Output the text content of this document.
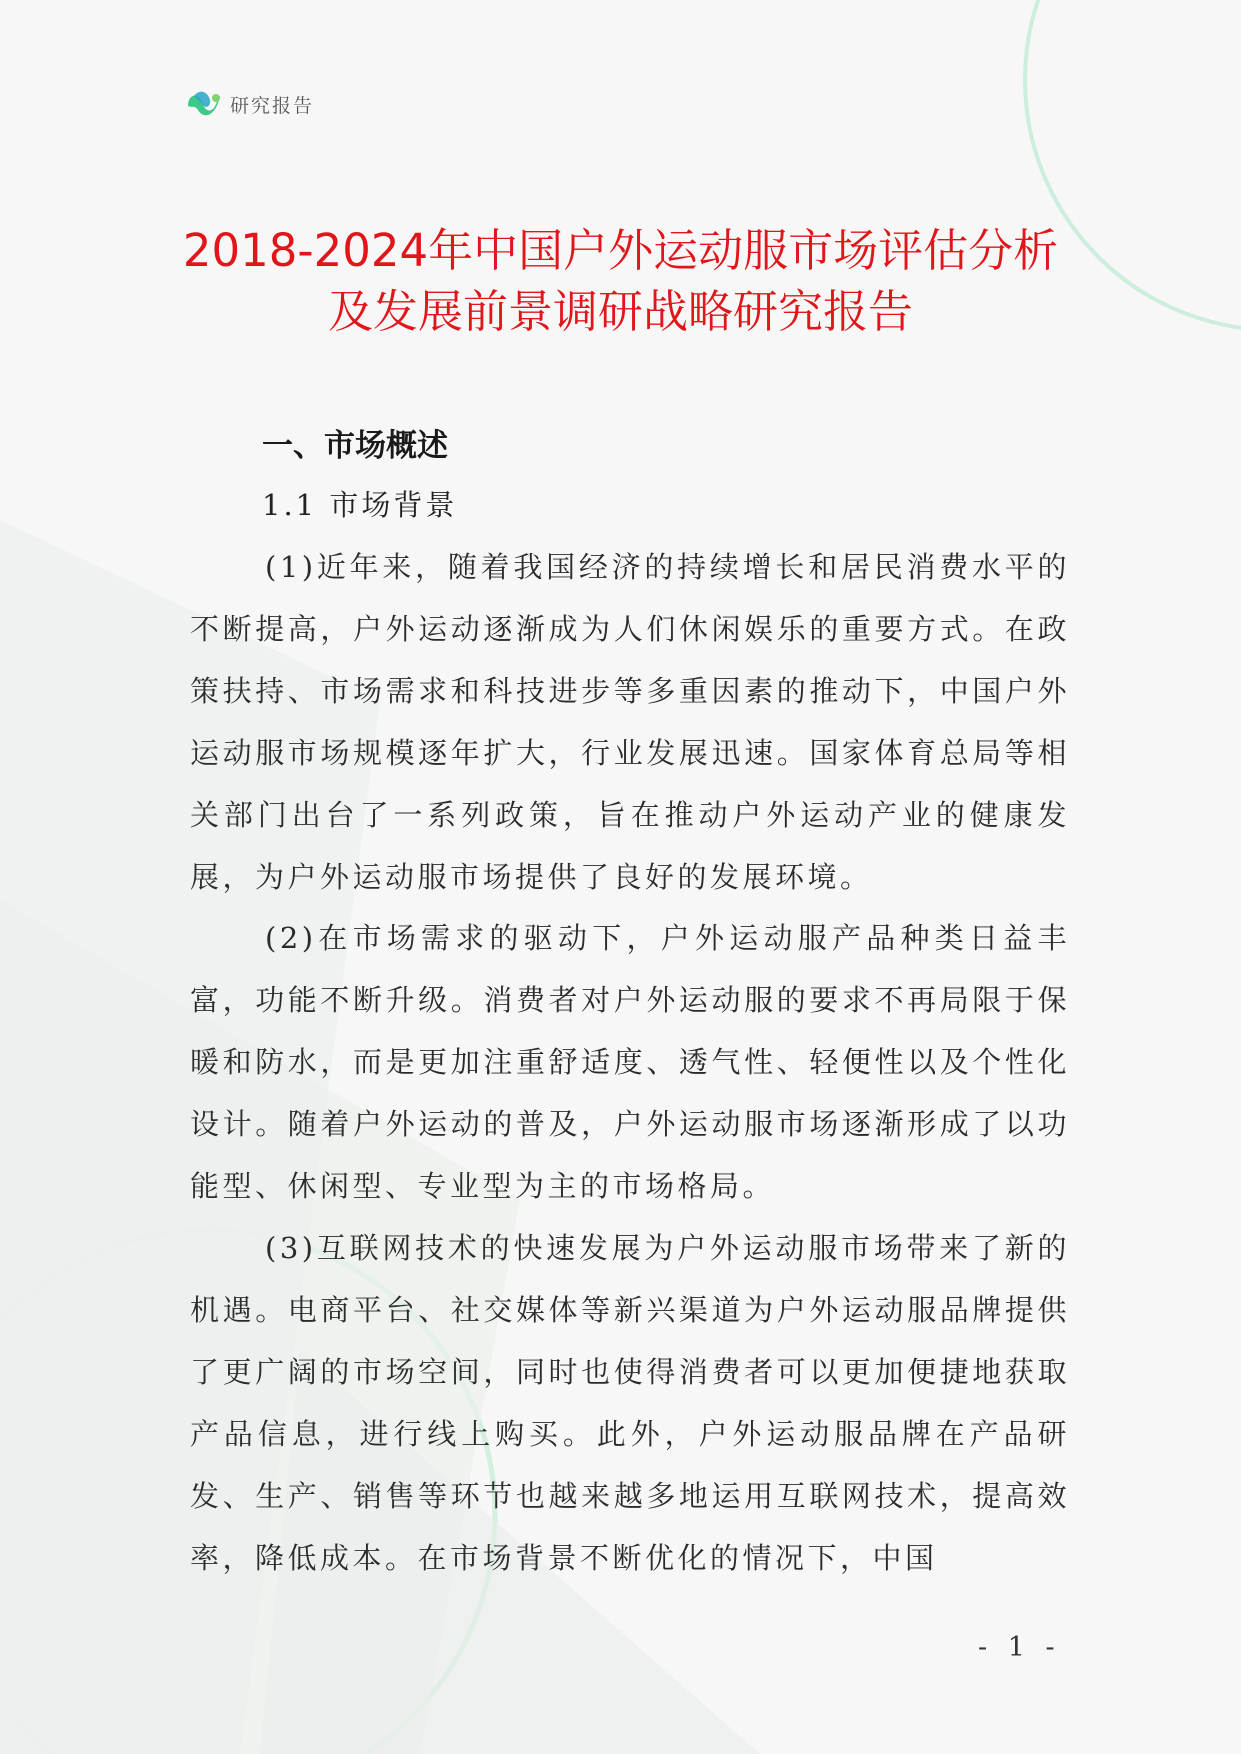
研究报告
2018-2024年中国户外运动服市场评估分析
及发展前景调研战略研究报告
一、市场概述
1.1 市场背景

(1)近年来，随着我国经济的持续增长和居民消费水平的不断提高，户外运动逐渐成为人们休闲娱乐的重要方式。在政策扶持、市场需求和科技进步等多重因素的推动下，中国户外运动服市场规模逐年扩大，行业发展迅速。国家体育总局等相关部门出台了一系列政策，旨在推动户外运动产业的健康发展，为户外运动服市场提供了良好的发展环境。

(2)在市场需求的驱动下，户外运动服产品种类日益丰富，功能不断升级。消费者对户外运动服的要求不再局限于保暖和防水，而是更加注重舒适度、透气性、轻便性以及个性化设计。随着户外运动的普及，户外运动服市场逐渐形成了以功能型、休闲型、专业型为主的市场格局。

(3)互联网技术的快速发展为户外运动服市场带来了新的机遇。电商平台、社交媒体等新兴渠道为户外运动服品牌提供了更广阔的市场空间，同时也使得消费者可以更加便捷地获取产品信息，进行线上购买。此外，户外运动服品牌在产品研发、生产、销售等环节也越来越多地运用互联网技术，提高效率，降低成本。在市场背景不断优化的情况下，中国

- 1 -
